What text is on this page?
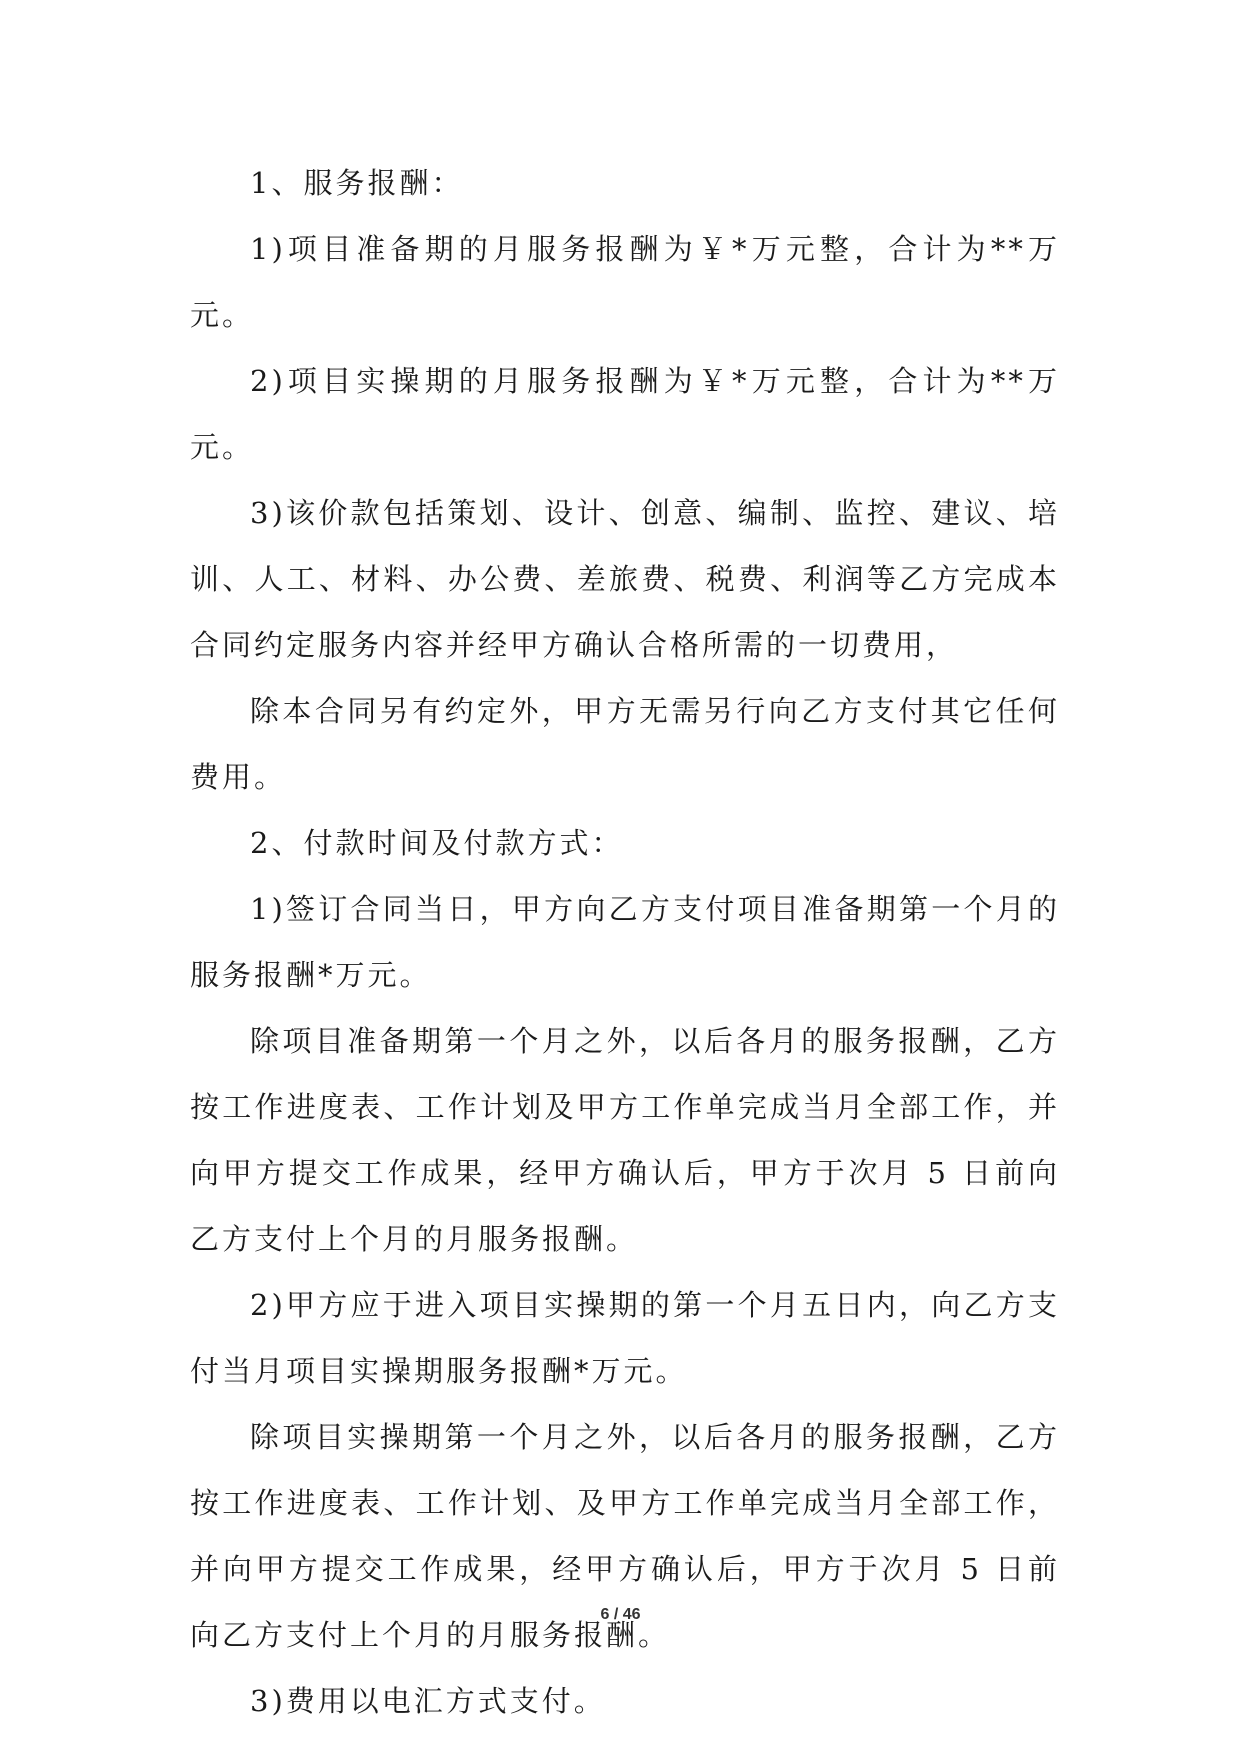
1、服务报酬：

1)项目准备期的月服务报酬为￥*万元整，合计为**万元。

2)项目实操期的月服务报酬为￥*万元整，合计为**万元。

3)该价款包括策划、设计、创意、编制、监控、建议、培训、人工、材料、办公费、差旅费、税费、利润等乙方完成本合同约定服务内容并经甲方确认合格所需的一切费用，

除本合同另有约定外，甲方无需另行向乙方支付其它任何费用。

2、付款时间及付款方式：

1)签订合同当日，甲方向乙方支付项目准备期第一个月的服务报酬*万元。

除项目准备期第一个月之外，以后各月的服务报酬，乙方按工作进度表、工作计划及甲方工作单完成当月全部工作，并向甲方提交工作成果，经甲方确认后，甲方于次月 5 日前向乙方支付上个月的月服务报酬。

2)甲方应于进入项目实操期的第一个月五日内，向乙方支付当月项目实操期服务报酬*万元。

除项目实操期第一个月之外，以后各月的服务报酬，乙方按工作进度表、工作计划、及甲方工作单完成当月全部工作，并向甲方提交工作成果，经甲方确认后，甲方于次月 5 日前向乙方支付上个月的月服务报酬。

3)费用以电汇方式支付。

6 / 46
